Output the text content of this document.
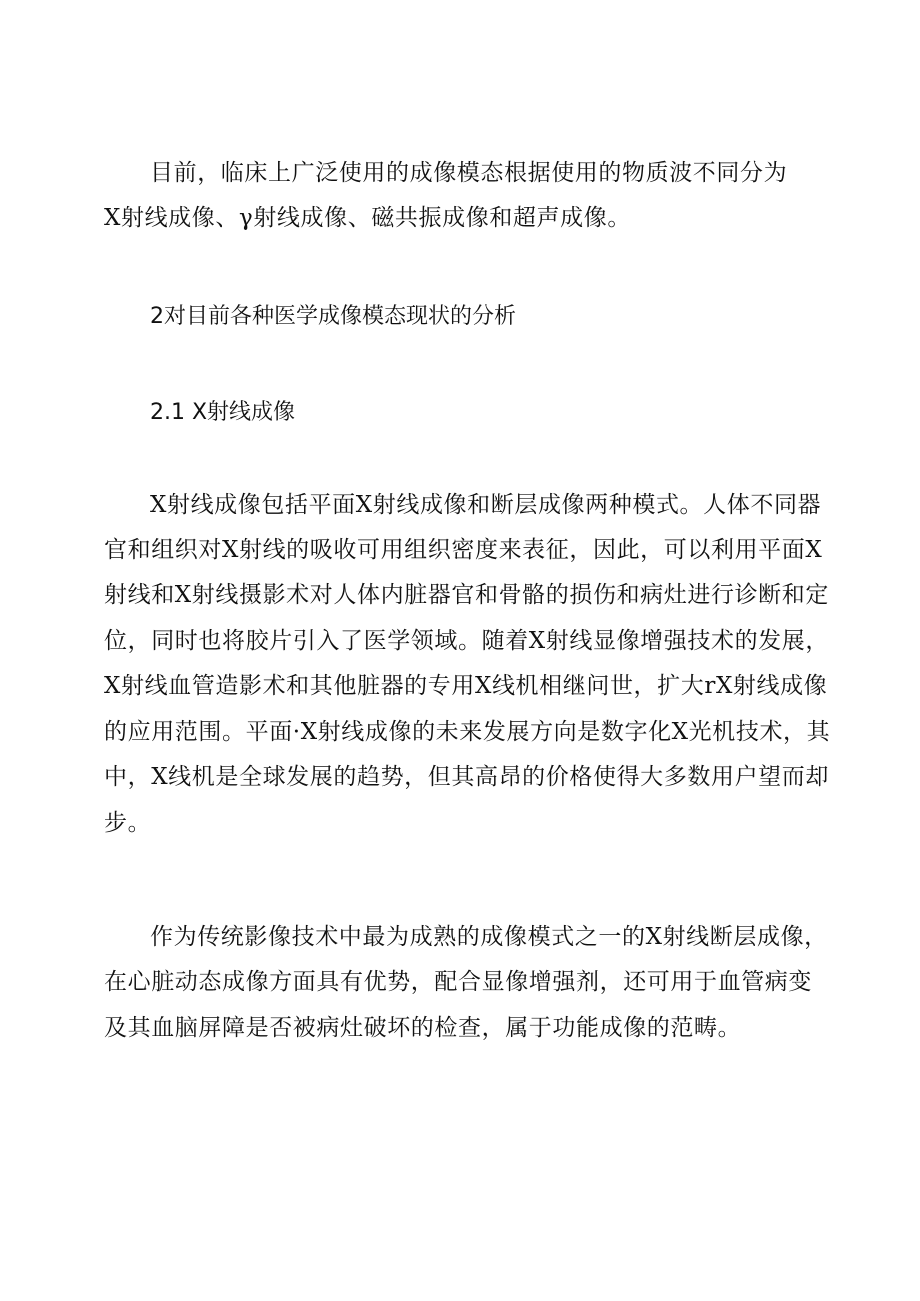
目前，临床上广泛使用的成像模态根据使用的物质波不同分为
X射线成像、γ射线成像、磁共振成像和超声成像。
2对目前各种医学成像模态现状的分析
2.1 X射线成像
X射线成像包括平面X射线成像和断层成像两种模式。人体不同器
官和组织对X射线的吸收可用组织密度来表征，因此，可以利用平面X
射线和X射线摄影术对人体内脏器官和骨骼的损伤和病灶进行诊断和定
位，同时也将胶片引入了医学领域。随着X射线显像增强技术的发展，
X射线血管造影术和其他脏器的专用X线机相继问世，扩大rX射线成像
的应用范围。平面·X射线成像的未来发展方向是数字化X光机技术，其
中，X线机是全球发展的趋势，但其高昂的价格使得大多数用户望而却
步。
作为传统影像技术中最为成熟的成像模式之一的X射线断层成像，
在心脏动态成像方面具有优势，配合显像增强剂，还可用于血管病变
及其血脑屏障是否被病灶破坏的检查，属于功能成像的范畴。
